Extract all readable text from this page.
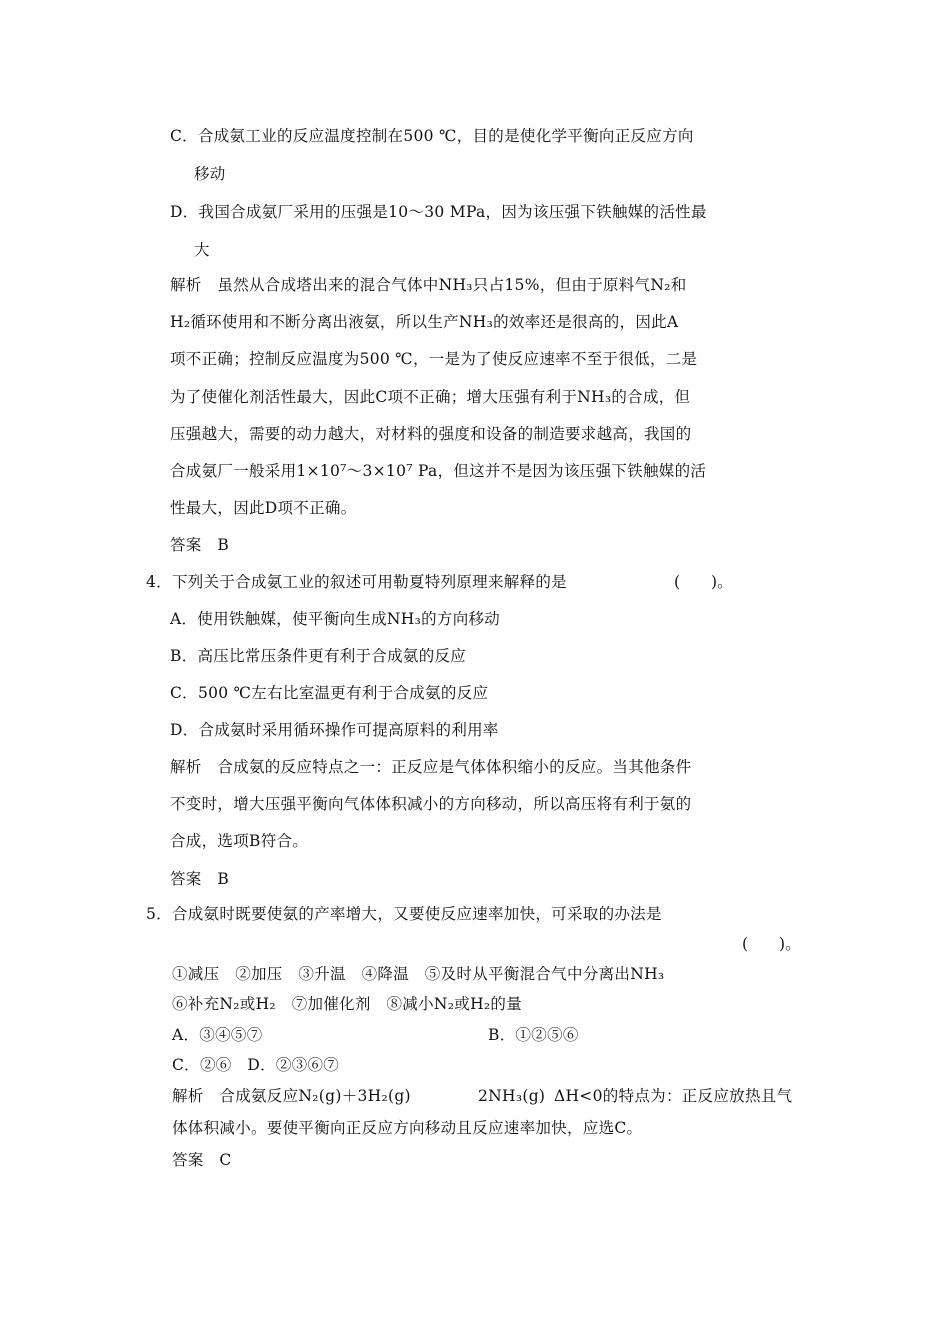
C．合成氨工业的反应温度控制在500 ℃，目的是使化学平衡向正反应方向
移动
D．我国合成氨厂采用的压强是10～30 MPa，因为该压强下铁触媒的活性最
大
解析　虽然从合成塔出来的混合气体中NH₃只占15%，但由于原料气N₂和
H₂循环使用和不断分离出液氨，所以生产NH₃的效率还是很高的，因此A
项不正确；控制反应温度为500 ℃，一是为了使反应速率不至于很低，二是
为了使催化剂活性最大，因此C项不正确；增大压强有利于NH₃的合成，但
压强越大，需要的动力越大，对材料的强度和设备的制造要求越高，我国的
合成氨厂一般采用1×10⁷～3×10⁷ Pa，但这并不是因为该压强下铁触媒的活
性最大，因此D项不正确。
答案　B
4．下列关于合成氨工业的叙述可用勒夏特列原理来解释的是	(　　)。
A．使用铁触媒，使平衡向生成NH₃的方向移动
B．高压比常压条件更有利于合成氨的反应
C．500 ℃左右比室温更有利于合成氨的反应
D．合成氨时采用循环操作可提高原料的利用率
解析　合成氨的反应特点之一：正反应是气体体积缩小的反应。当其他条件
不变时，增大压强平衡向气体体积减小的方向移动，所以高压将有利于氨的
合成，选项B符合。
答案　B
5．合成氨时既要使氨的产率增大，又要使反应速率加快，可采取的办法是
(　　)。
①减压　②加压　③升温　④降温　⑤及时从平衡混合气中分离出NH₃
⑥补充N₂或H₂　⑦加催化剂　⑧减小N₂或H₂的量
A．③④⑤⑦	B．①②⑤⑥
C．②⑥　D．②③⑥⑦
解析　合成氨反应N₂(g)＋3H₂(g)	2NH₃(g) ΔH<0的特点为：正反应放热且气
体体积减小。要使平衡向正反应方向移动且反应速率加快，应选C。
答案　C
